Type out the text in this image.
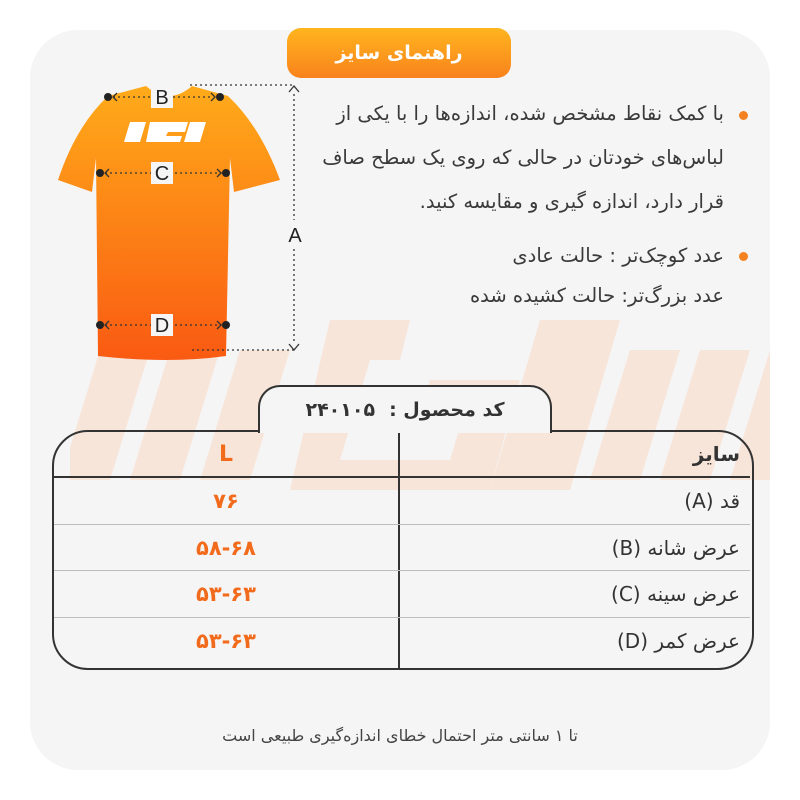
راهنمای سایز
B
C
D
A
با کمک نقاط مشخص شده، اندازه‌ها را با یکی از لباس‌های خودتان در حالی که روی یک سطح صاف قرار دارد، اندازه گیری و مقایسه کنید.
عدد کوچک‌تر : حالت عادی
عدد بزرگ‌تر: حالت کشیده شده
کد محصول :
۲۴۰۱۰۵
سایز
L
قد (A)
۷۶
عرض شانه (B)
۵۸-۶۸
عرض سینه (C)
۵۳-۶۳
عرض کمر (D)
۵۳-۶۳
تا ۱ سانتی متر احتمال خطای اندازه‌گیری طبیعی است
